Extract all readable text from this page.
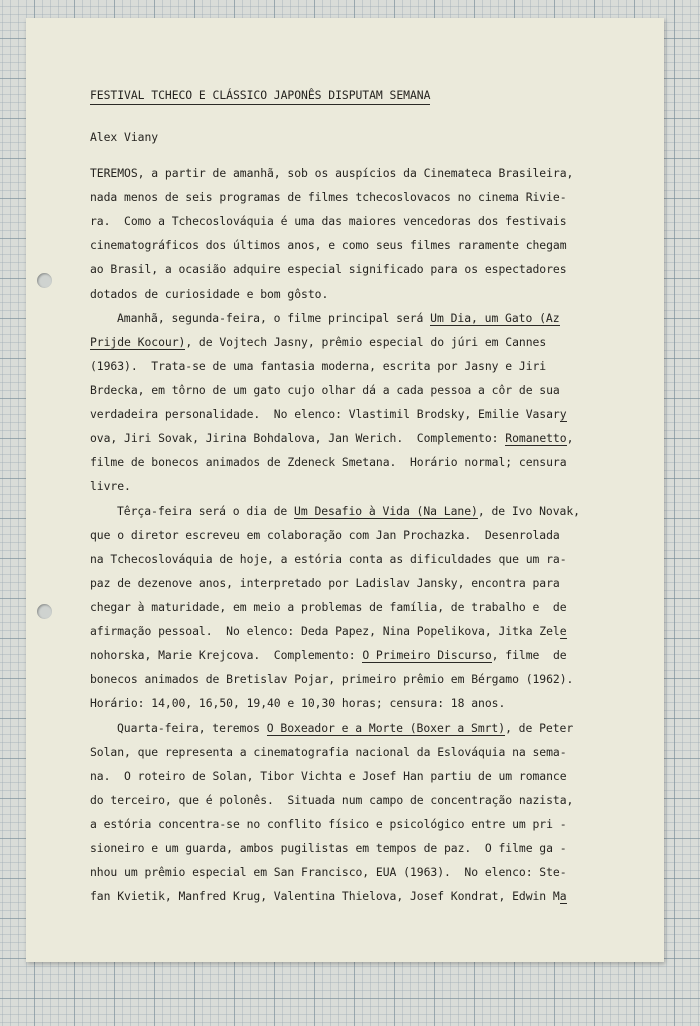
FESTIVAL TCHECO E CLÁSSICO JAPONÊS DISPUTAM SEMANA
Alex Viany
TEREMOS, a partir de amanhã, sob os auspícios da Cinemateca Brasileira,
nada menos de seis programas de filmes tchecoslovacos no cinema Rivie-
ra.  Como a Tchecoslováquia é uma das maiores vencedoras dos festivais
cinematográficos dos últimos anos, e como seus filmes raramente chegam
ao Brasil, a ocasião adquire especial significado para os espectadores
dotados de curiosidade e bom gôsto.
Amanhã, segunda-feira, o filme principal será Um Dia, um Gato (Az
Prijde Kocour), de Vojtech Jasny, prêmio especial do júri em Cannes
(1963).  Trata-se de uma fantasia moderna, escrita por Jasny e Jiri
Brdecka, em tôrno de um gato cujo olhar dá a cada pessoa a côr de sua
verdadeira personalidade.  No elenco: Vlastimil Brodsky, Emilie Vasary
ova, Jiri Sovak, Jirina Bohdalova, Jan Werich.  Complemento: Romanetto,
filme de bonecos animados de Zdeneck Smetana.  Horário normal; censura
livre.
Têrça-feira será o dia de Um Desafio à Vida (Na Lane), de Ivo Novak,
que o diretor escreveu em colaboração com Jan Prochazka.  Desenrolada
na Tchecoslováquia de hoje, a estória conta as dificuldades que um ra-
paz de dezenove anos, interpretado por Ladislav Jansky, encontra para
chegar à maturidade, em meio a problemas de família, de trabalho e  de
afirmação pessoal.  No elenco: Deda Papez, Nina Popelikova, Jitka Zele
nohorska, Marie Krejcova.  Complemento: O Primeiro Discurso, filme  de
bonecos animados de Bretislav Pojar, primeiro prêmio em Bérgamo (1962).
Horário: 14,00, 16,50, 19,40 e 10,30 horas; censura: 18 anos.
Quarta-feira, teremos O Boxeador e a Morte (Boxer a Smrt), de Peter
Solan, que representa a cinematografia nacional da Eslováquia na sema-
na.  O roteiro de Solan, Tibor Vichta e Josef Han partiu de um romance
do terceiro, que é polonês.  Situada num campo de concentração nazista,
a estória concentra-se no conflito físico e psicológico entre um pri -
sioneiro e um guarda, ambos pugilistas em tempos de paz.  O filme ga -
nhou um prêmio especial em San Francisco, EUA (1963).  No elenco: Ste-
fan Kvietik, Manfred Krug, Valentina Thielova, Josef Kondrat, Edwin Ma
